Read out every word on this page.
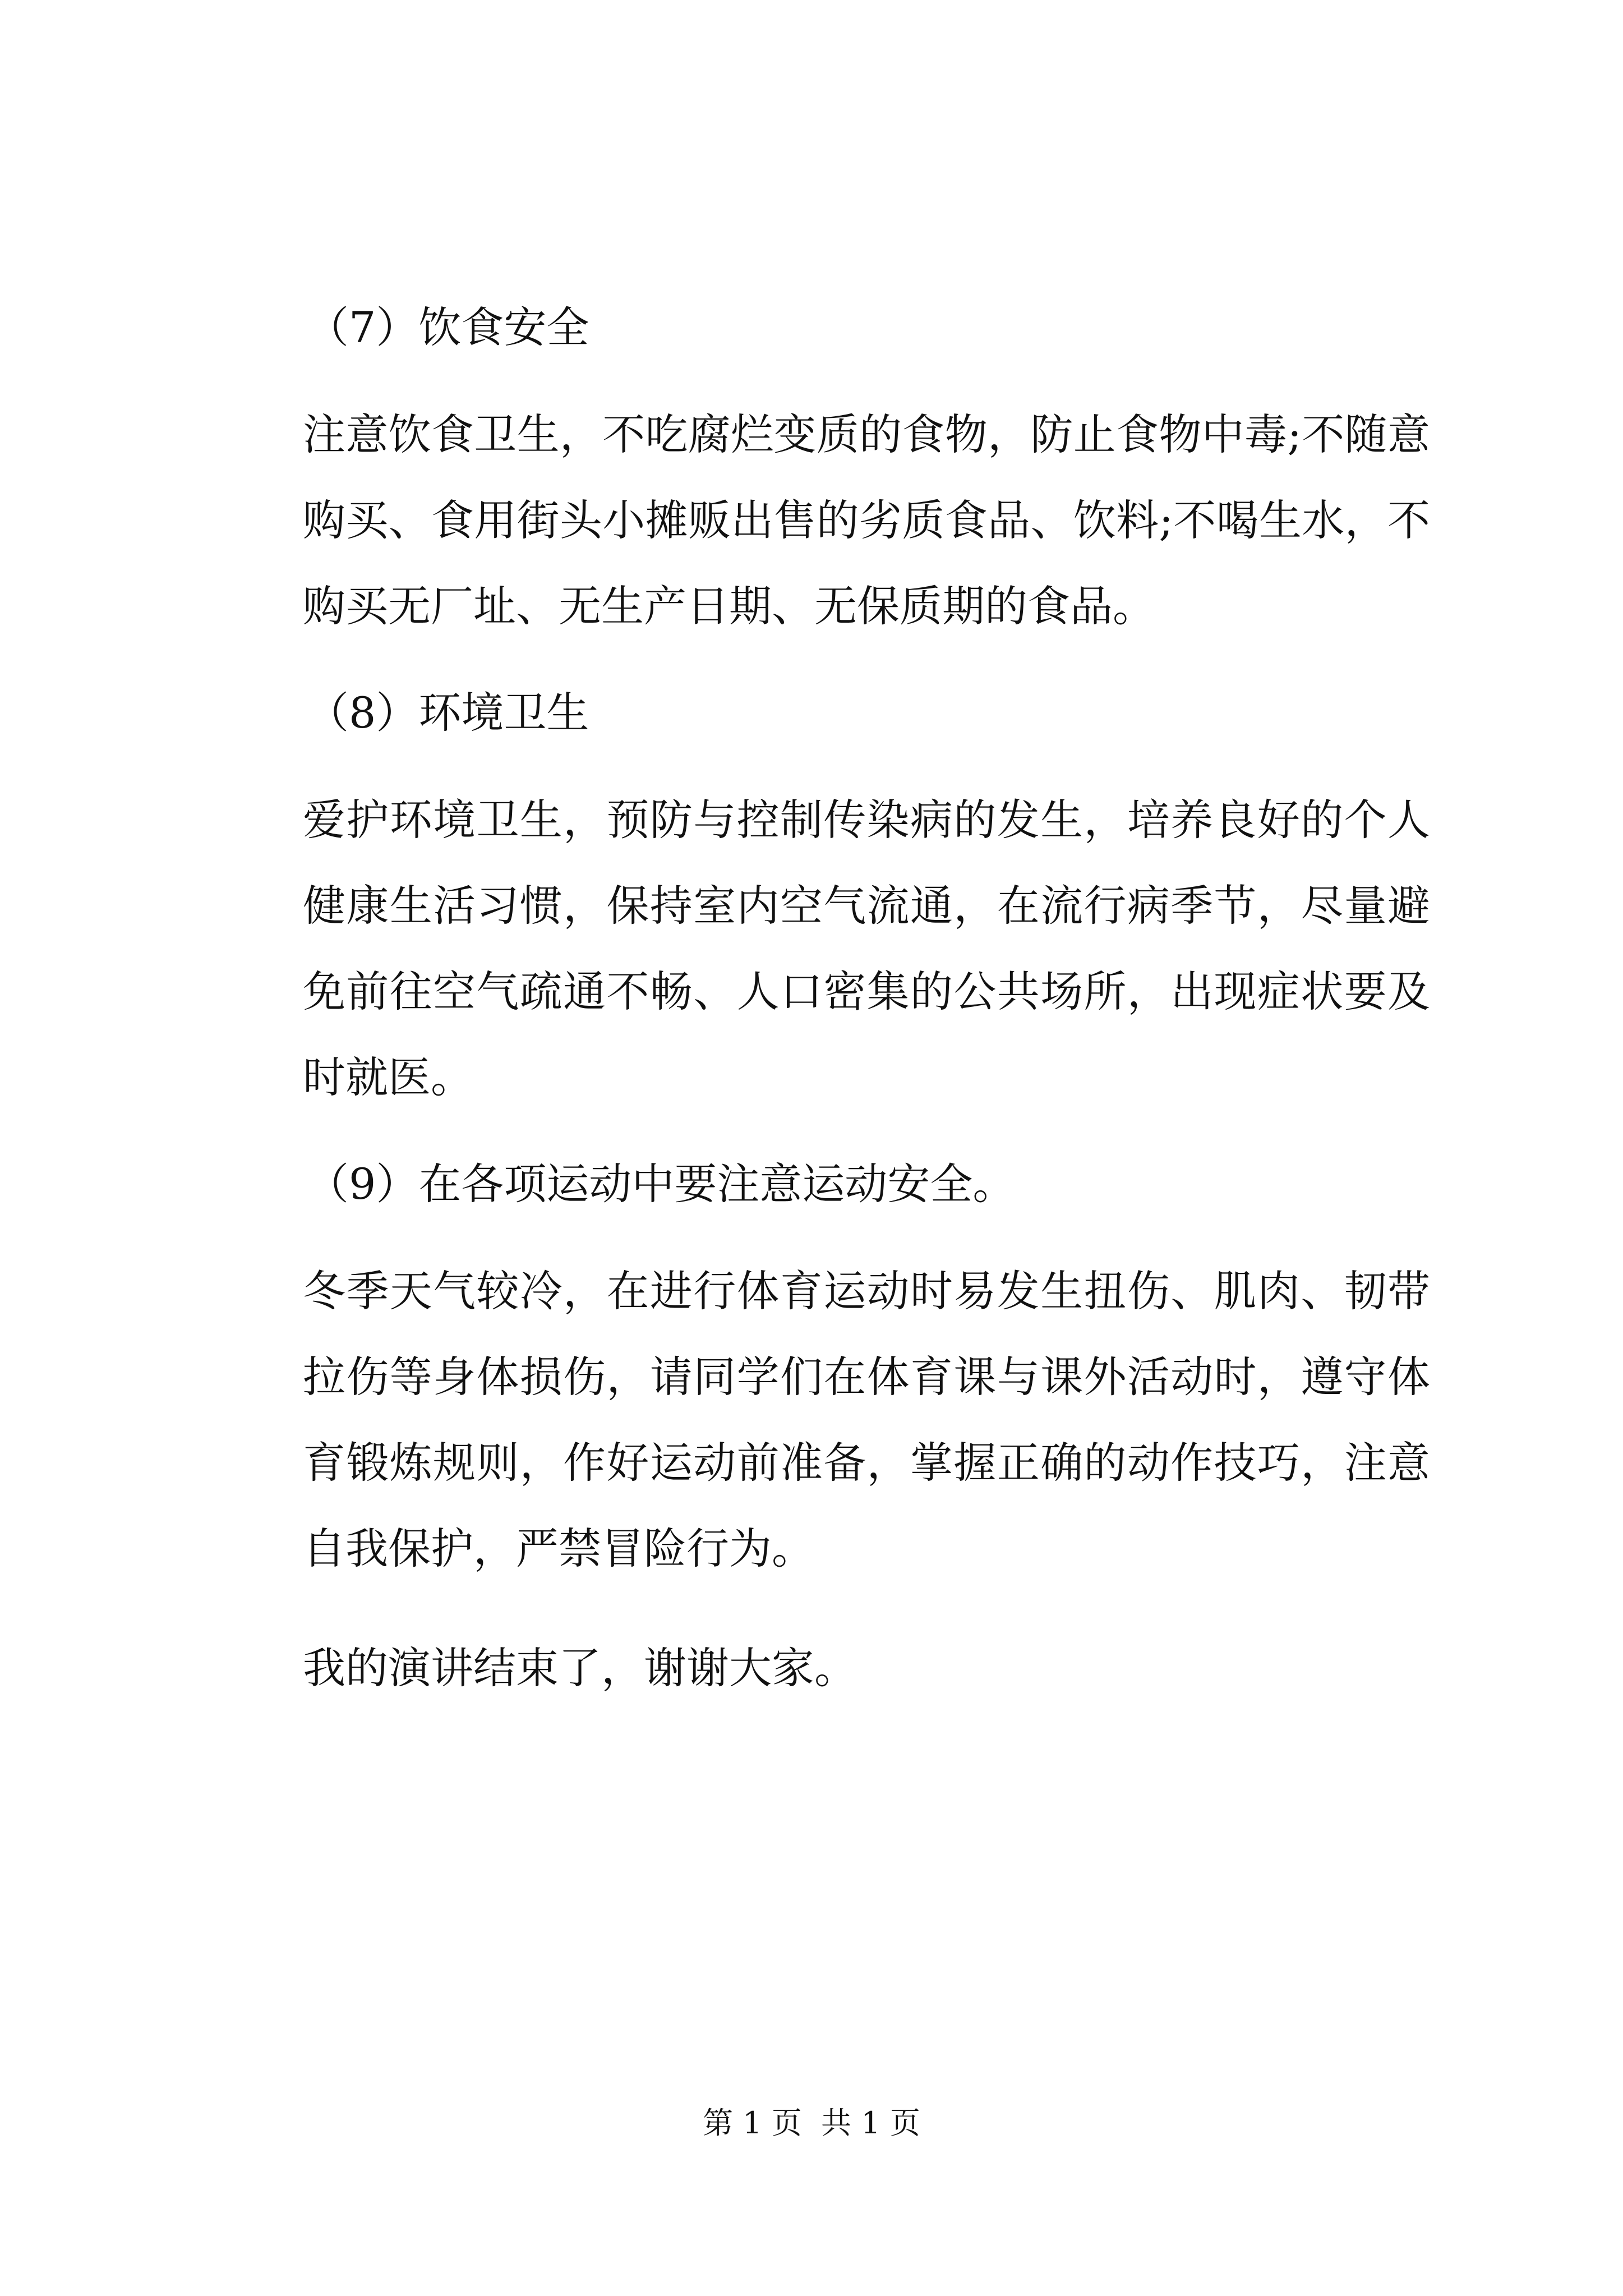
（7）饮食安全

注意饮食卫生，不吃腐烂变质的食物，防止食物中毒;不随意购买、食用街头小摊贩出售的劣质食品、饮料;不喝生水，不购买无厂址、无生产日期、无保质期的食品。

（8）环境卫生

爱护环境卫生，预防与控制传染病的发生，培养良好的个人健康生活习惯，保持室内空气流通，在流行病季节，尽量避免前往空气疏通不畅、人口密集的公共场所，出现症状要及时就医。

（9）在各项运动中要注意运动安全。

冬季天气较冷，在进行体育运动时易发生扭伤、肌肉、韧带拉伤等身体损伤，请同学们在体育课与课外活动时，遵守体育锻炼规则，作好运动前准备，掌握正确的动作技巧，注意自我保护，严禁冒险行为。

我的演讲结束了，谢谢大家。

第 1 页  共 1 页
